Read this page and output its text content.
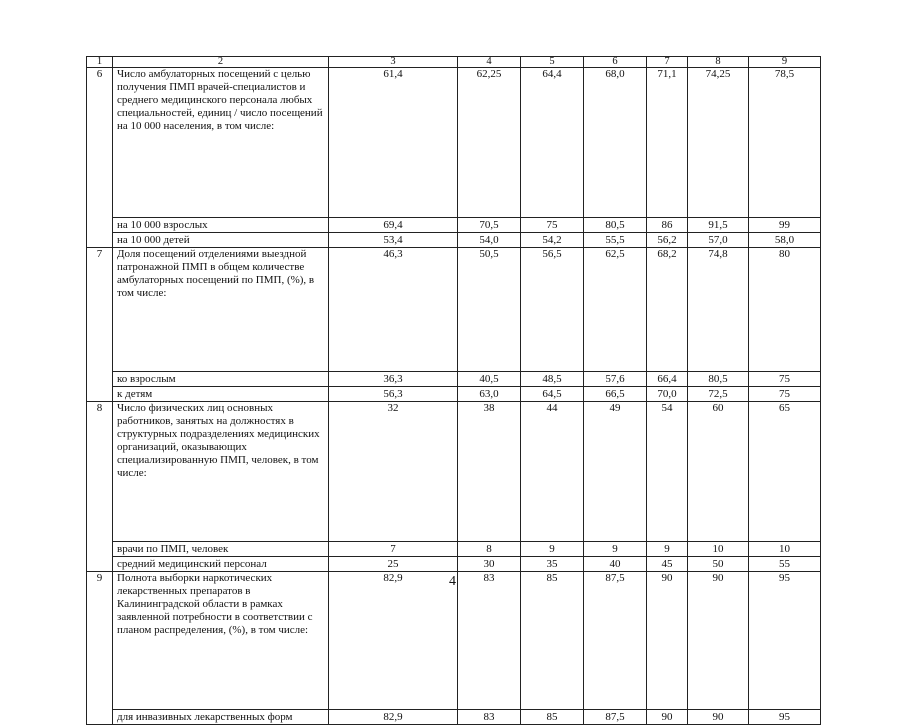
1	2	3	4	5	6	7	8	9
6	Число амбулаторных посещений с целью получения ПМП врачей-специалистов и среднего медицинского персонала любых специальностей, единиц / число посещений на 10 000 населения, в том числе:	61,4	62,25	64,4	68,0	71,1	74,25	78,5
	на 10 000 взрослых	69,4	70,5	75	80,5	86	91,5	99
	на 10 000 детей	53,4	54,0	54,2	55,5	56,2	57,0	58,0
7	Доля посещений отделениями выездной патронажной ПМП в общем количестве амбулаторных посещений по ПМП, (%), в том числе:	46,3	50,5	56,5	62,5	68,2	74,8	80
	ко взрослым	36,3	40,5	48,5	57,6	66,4	80,5	75
	к детям	56,3	63,0	64,5	66,5	70,0	72,5	75
8	Число физических лиц основных работников, занятых на должностях в структурных подразделениях медицинских организаций, оказывающих специализированную ПМП, человек, в том числе:	32	38	44	49	54	60	65
	врачи по ПМП, человек	7	8	9	9	9	10	10
	средний медицинский персонал	25	30	35	40	45	50	55
9	Полнота выборки наркотических лекарственных препаратов в Калининградской области в рамках заявленной потребности в соответствии с планом распределения, (%), в том числе:	82,9	83	85	87,5	90	90	95
	для инвазивных лекарственных форм	82,9	83	85	87,5	90	90	95
4
